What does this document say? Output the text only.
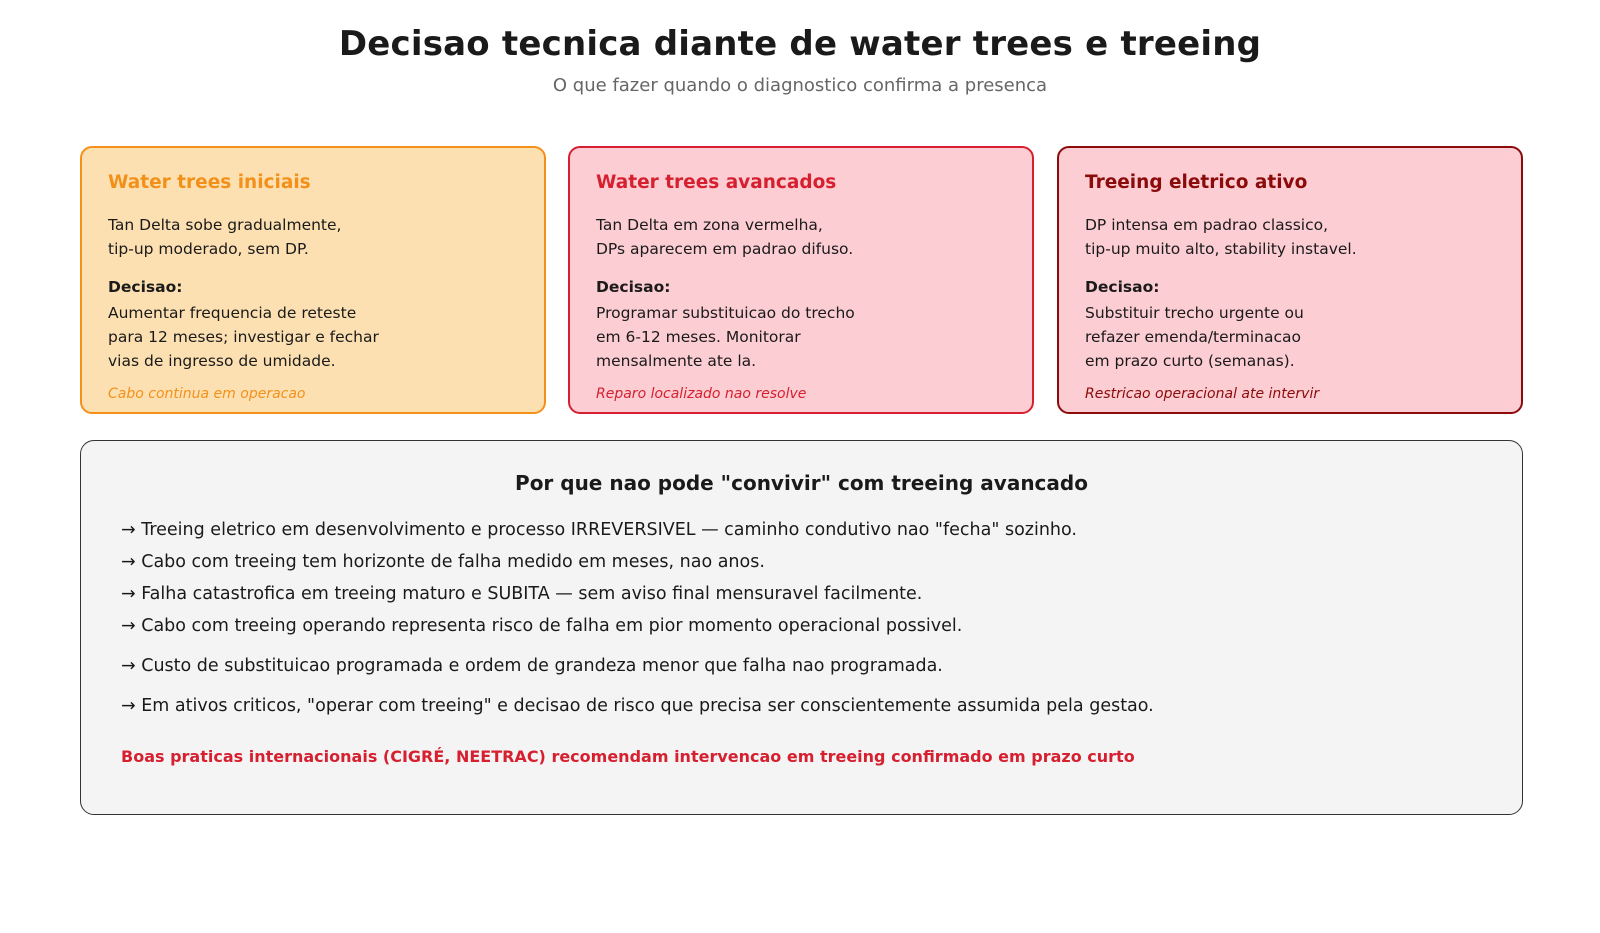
Decisao tecnica diante de water trees e treeing
O que fazer quando o diagnostico confirma a presenca
Water trees iniciais
Tan Delta sobe gradualmente,
tip-up moderado, sem DP.
Decisao:
Aumentar frequencia de reteste
para 12 meses; investigar e fechar
vias de ingresso de umidade.
Cabo continua em operacao
Water trees avancados
Tan Delta em zona vermelha,
DPs aparecem em padrao difuso.
Decisao:
Programar substituicao do trecho
em 6-12 meses. Monitorar
mensalmente ate la.
Reparo localizado nao resolve
Treeing eletrico ativo
DP intensa em padrao classico,
tip-up muito alto, stability instavel.
Decisao:
Substituir trecho urgente ou
refazer emenda/terminacao
em prazo curto (semanas).
Restricao operacional ate intervir
Por que nao pode "convivir" com treeing avancado
→ Treeing eletrico em desenvolvimento e processo IRREVERSIVEL — caminho condutivo nao "fecha" sozinho.
→ Cabo com treeing tem horizonte de falha medido em meses, nao anos.
→ Falha catastrofica em treeing maturo e SUBITA — sem aviso final mensuravel facilmente.
→ Cabo com treeing operando representa risco de falha em pior momento operacional possivel.
→ Custo de substituicao programada e ordem de grandeza menor que falha nao programada.
→ Em ativos criticos, "operar com treeing" e decisao de risco que precisa ser conscientemente assumida pela gestao.
Boas praticas internacionais (CIGRÉ, NEETRAC) recomendam intervencao em treeing confirmado em prazo curto
